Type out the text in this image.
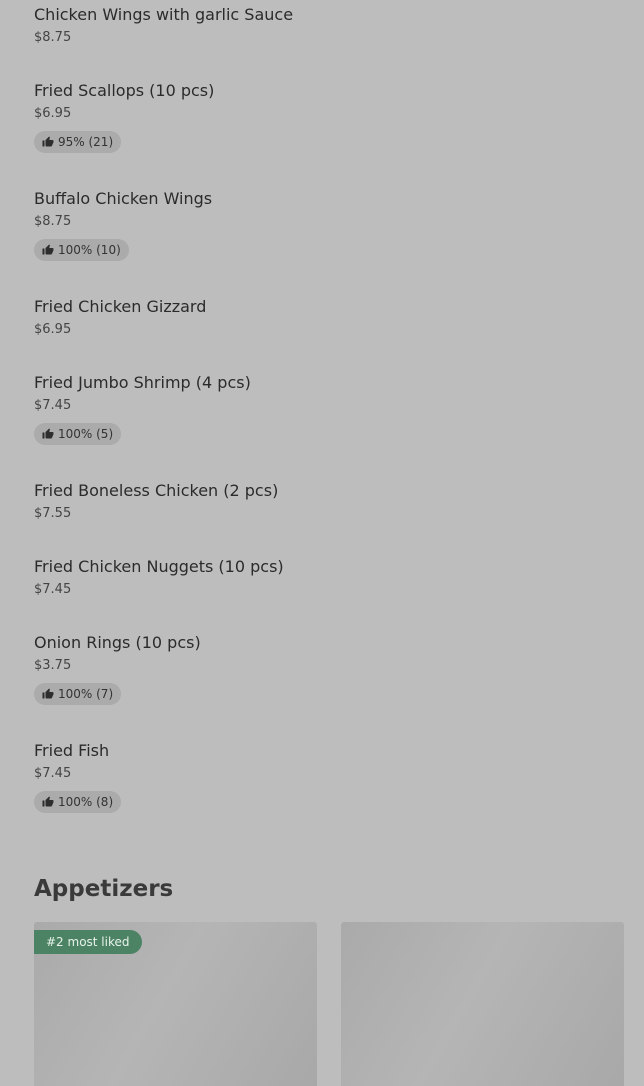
Chicken Wings with garlic Sauce
$8.75
Fried Scallops (10 pcs)
$6.95
95% (21)
Buffalo Chicken Wings
$8.75
100% (10)
Fried Chicken Gizzard
$6.95
Fried Jumbo Shrimp (4 pcs)
$7.45
100% (5)
Fried Boneless Chicken (2 pcs)
$7.55
Fried Chicken Nuggets (10 pcs)
$7.45
Onion Rings (10 pcs)
$3.75
100% (7)
Fried Fish
$7.45
100% (8)
Appetizers
#2 most liked
